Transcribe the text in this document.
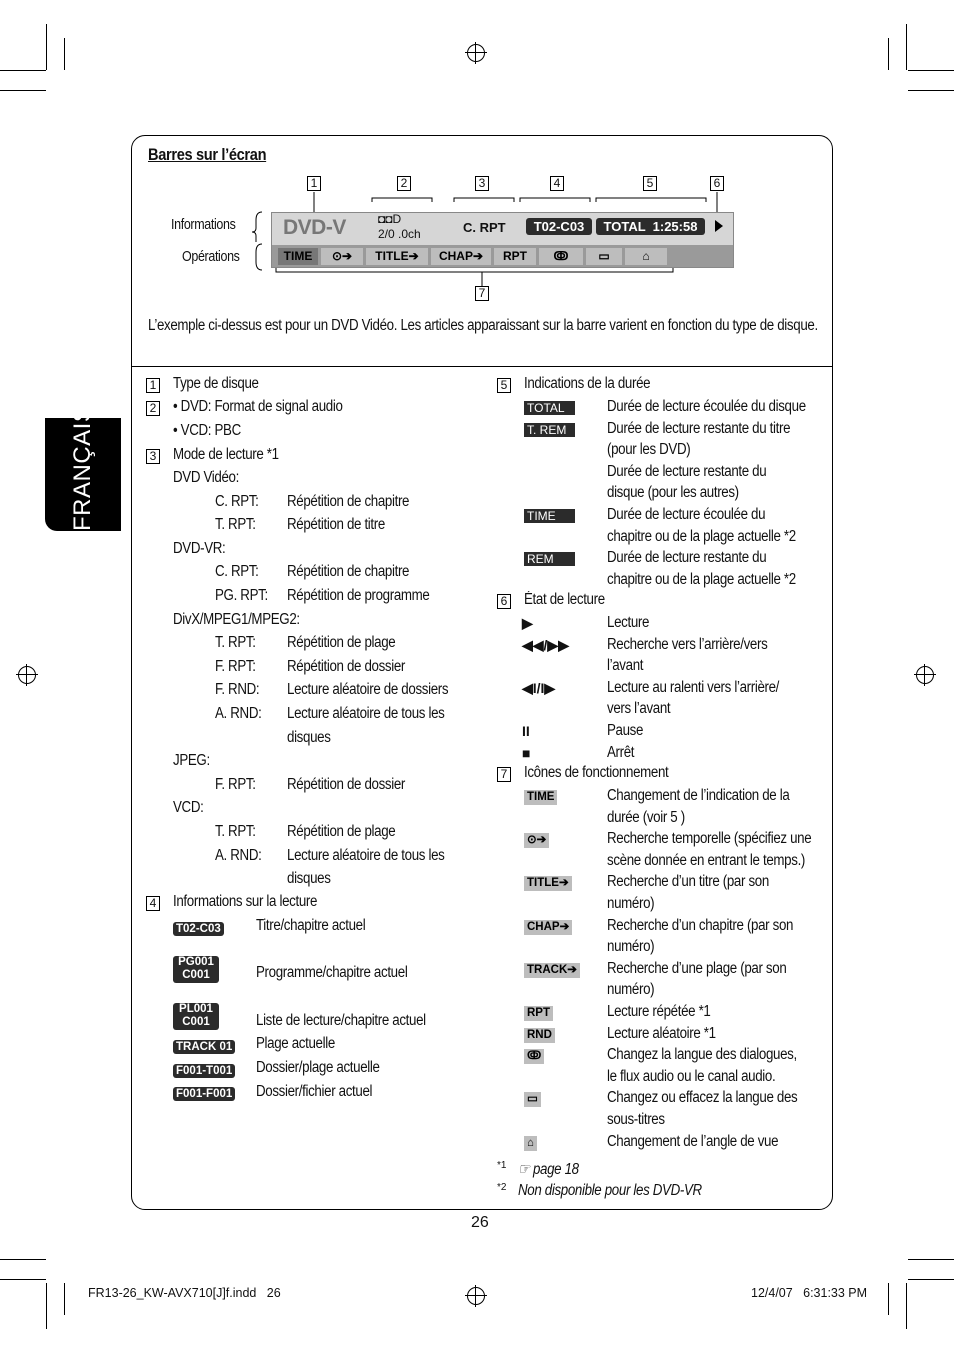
FRANÇAIS
Barres sur l’écran
1	2	3	4	5	6
7
Informations
Opérations
DVD-V	◘◘D
2/0 .0ch	C. RPT	T02-C03	TOTAL  1:25:58
TIME	⊙➔	TITLE➔	CHAP➔	RPT	ↂ	▭	⌂
L’exemple ci-dessus est pour un DVD Vidéo. Les articles apparaissant sur la barre varient en fonction du type de disque.
1 Type de disque
2 • DVD: Format de signal audio
• VCD: PBC
3 Mode de lecture *1
DVD Vidéo:
C. RPT: Répétition de chapitre
T. RPT: Répétition de titre
DVD-VR:
C. RPT: Répétition de chapitre
PG. RPT: Répétition de programme
DivX/MPEG1/MPEG2:
T. RPT: Répétition de plage
F. RPT: Répétition de dossier
F. RND: Lecture aléatoire de dossiers
A. RND: Lecture aléatoire de tous les
disques
JPEG:
F. RPT: Répétition de dossier
VCD:
T. RPT: Répétition de plage
A. RND: Lecture aléatoire de tous les
disques
4 Informations sur la lecture
T02-C03 Titre/chapitre actuel
PG001
C001	Programme/chapitre actuel
PL001
C001	Liste de lecture/chapitre actuel
TRACK 01 Plage actuelle
F001-T001 Dossier/plage actuelle
F001-F001 Dossier/fichier actuel
5 Indications de la durée
TOTAL	Durée de lecture écoulée du disque
T. REM	Durée de lecture restante du titre
(pour les DVD)
Durée de lecture restante du
disque (pour les autres)
TIME	Durée de lecture écoulée du
chapitre ou de la plage actuelle *2
REM	Durée de lecture restante du
chapitre ou de la plage actuelle *2
6 État de lecture
▶	Lecture
◀◀/▶▶ Recherche vers l’arrière/vers
l’avant
◀I/I▶	Lecture au ralenti vers l’arrière/
vers l’avant
II	Pause
■	Arrêt
7 Icônes de fonctionnement
TIME	Changement de l’indication de la
durée (voir 5 )
⊙➔	Recherche temporelle (spécifiez une
scène donnée en entrant le temps.)
TITLE➔ Recherche d’un titre (par son
numéro)
CHAP➔ Recherche d’un chapitre (par son
numéro)
TRACK➔ Recherche d’une plage (par son
numéro)
RPT	Lecture répétée *1
RND	Lecture aléatoire *1
ↂ	Changez la langue des dialogues,
le flux audio ou le canal audio.
▭	Changez ou effacez la langue des
sous-titres
⌂	Changement de l’angle de vue
*1 ☞ page 18
*2 Non disponible pour les DVD-VR
26
FR13-26_KW-AVX710[J]f.indd   26	12/4/07   6:31:33 PM
